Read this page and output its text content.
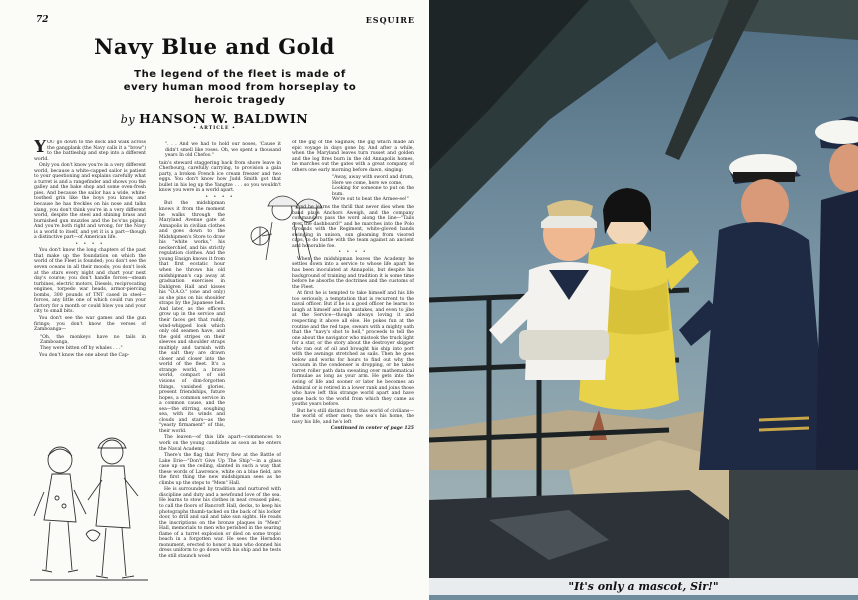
72	ESQUIRE
Navy Blue and Gold
The legend of the fleet is made of every human mood from horseplay to heroic tragedy
by HANSON W. BALDWIN
• ARTICLE •

YOU go down to the dock and walk across the gangplank (the Navy calls it a "brow") to the battleship and step into a different world.

Only you don't know you're in a very different world, because a white-capped sailor is patient to your questioning and explains carefully what a turret is and a rangefinder and shows you the galley and the bake shop and some oven-fresh pies. And because the sailor has a wide, white-toothed grin like the boys you know, and because he has freckles on his nose and talks slang, you don't think you're in a very different world, despite the steel and shining brass and burnished gun muzzles and the bo's'ns piping. And you're both right and wrong, for the Navy is a world to itself, and yet it is a part—though a distinctive part—of American life.

• • • •

You don't know the long chapters of the past that make up the foundation on which the world of the Fleet is founded; you don't see the seven oceans in all their moods; you don't look at the stars every night and chart your next day's course; you don't handle forces—steam turbines, electric motors, Diesels, reciprocating engines, torpedo war heads, armor-piercing bombs, 300 pounds of TNT cased in steel—forces, any little one of which could run your factory for a month or could blow you and your city to small bits.

You don't see the war games and the gun firings; you don't know the verses of Zamboanga—

"Oh, the monkeys have no tails in Zamboanga,
They were bitten off by whales . . ."

You don't know the one about the Cap-

". . . And we had to hold our noses, 'Cause it didn't smell like roses. Oh, we spent a thousand years In old Chefoo."

tain's steward staggering back from shore leave in Cherbourg, carefully carrying, to provision a gala party, a broken French ice cream freezer and two eggs. You don't know how Judd Smith got that bullet in his leg up the Yangtze . . . so you wouldn't know you were in a world apart.

• • • •

But the midshipman knows it from the moment he walks through the Maryland Avenue gate at Annapolis in civilian clothes and goes down to the Midshipmen's Store to draw his "white works," his neckerchief, and his strictly regulation clothes. And the young Ensign knows it from that first ecstatic hour when he throws his old midshipman's cap away at graduation exercises in Dahlgren Hall and kisses his "O.A.O." (one and only) as she pins on his shoulder straps by the Japanese bell. And later, as the officers grow up in the service and their faces get that ruddy, wind-whipped look which only old seamen have, and the gold stripes on their sleeves and shoulder straps multiply and tarnish with the salt they are drawn closer and closer into the world of the fleet. It's a strange world, a brave world, compact of old visions of dim-forgotten things, vanished glories, present friendships, future hopes, a common service in a common cause, and the sea—the stirring, soughing sea, with its winds and clouds and stars—as the "yeasty firmament" of this, their world.

The leaven—of this life apart—commences to work on the young candidate as soon as he enters the Naval Academy.

There's the flag that Perry flew at the Battle of Lake Erie—"Don't Give Up The Ship"—in a glass case up on the ceiling, slanted in such a way that these words of Lawrence, white on a blue field, are the first thing the new midshipman sees as he climbs up the steps to "Mem" Hall.

He is surrounded by tradition and nurtured with discipline and duty and a newfound love of the sea. He learns to stow his clothes in neat creased piles, to call the floors of Bancroft Hall, decks, to keep his photographs thumb-tacked on the back of his locker door, to drill and sail and take sun sights. He reads the inscriptions on the bronze plaques in "Mem" Hall, memorials to men who perished in the searing flame of a turret explosion or died on some tropic beach in a forgotten war. He sees the Herndon monument, erected to honor a man who donned his dress uniform to go down with his ship and he tests the still staunch wood

of the gig of the Saginaw, the gig which made an epic voyage in days gone by. And after a while, when the Maryland leaves turn russet and golden and the log fires burn in the old Annapolis homes, he marches out the gates with a great company of others one early morning before dawn, singing:

"Away, away with sword and drum,
Here we come, here we come,
Looking for someone to put on the bum.
We're out to beat the Armee-ee!"

And he learns the thrill that never dies when the band plays Anchors Aweigh, and the company commanders pass the word along the line—"Tails over the dashboard!" and he marches into the Polo Grounds with the Regiment, white-gloved hands swinging in unison, sun gleaming from visored caps, to do battle with the team against an ancient and honorable foe.

• • • •

When the midshipman leaves the Academy he settles down into a service to whose life apart he has been inoculated at Annapolis, but despite his background of training and tradition it is some time before he absorbs the doctrines and the customs of the Fleet.

At first he is tempted to take himself and his life too seriously, a temptation that is recurrent to the naval officer. But if he is a good officer he learns to laugh at himself and his mistakes, and even to jibe at the Service—though always loving it and respecting it above all else. He pokes fun at the routine and the red tape, swears with a mighty oath that the "navy's shot to hell," proceeds to tell the one about the navigator who mistook the truck light for a star, or the story about the destroyer skipper who ran out of oil and brought his ship into port with the awnings stretched as sails. Then he goes below and works for hours to find out why the vacuum in the condenser is dropping, or he takes turret roller path data sweating over mathematical formulae as long as your arm. He gets into the swing of life and sooner or later he becomes an Admiral or is retired in a lower rank and joins those who have left this strange world apart and have gone back to the world from which they came as youths years before.

But he's still distinct from this world of civilians—the world of other men; the sea's his home, the navy his life, and he's left

Continued in center of page 125

"It's only a mascot, Sir!"
